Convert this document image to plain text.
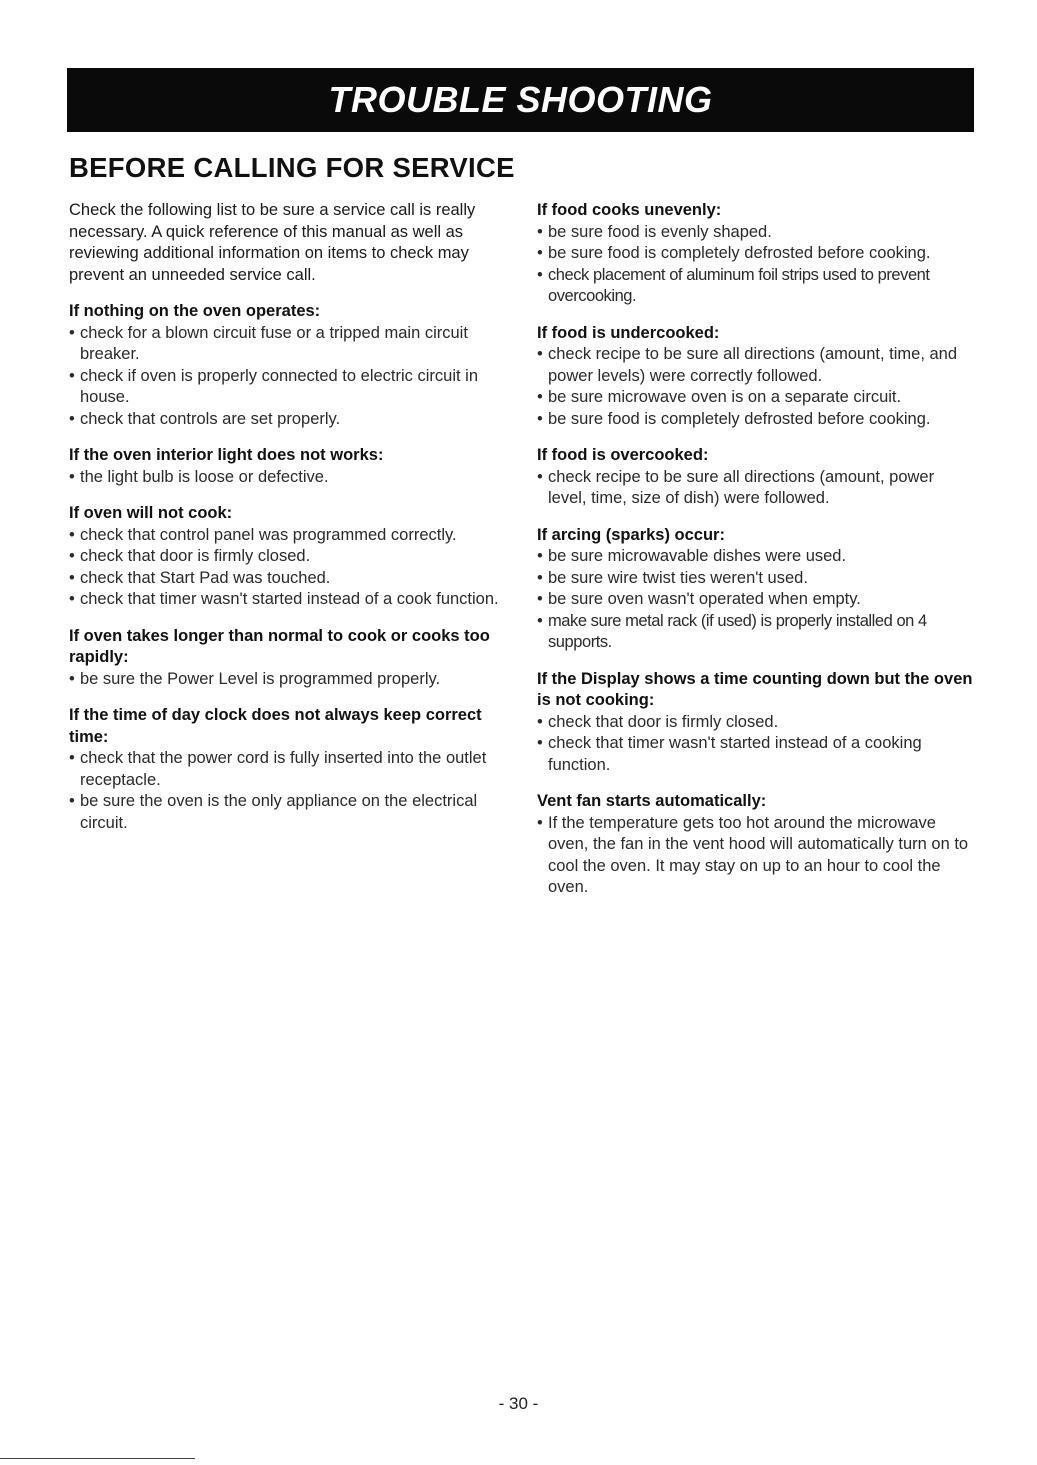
TROUBLE SHOOTING
BEFORE CALLING FOR SERVICE

Check the following list to be sure a service call is really necessary. A quick reference of this manual as well as reviewing additional information on items to check may prevent an unneeded service call.

If nothing on the oven operates:

• check for a blown circuit fuse or a tripped main circuit breaker.

• check if oven is properly connected to electric circuit in house.

• check that controls are set properly.

If the oven interior light does not works:

• the light bulb is loose or defective.

If oven will not cook:

• check that control panel was programmed correctly.

• check that door is firmly closed.

• check that Start Pad was touched.

• check that timer wasn't started instead of a cook function.

If oven takes longer than normal to cook or cooks too rapidly:

• be sure the Power Level is programmed properly.

If the time of day clock does not always keep correct time:

• check that the power cord is fully inserted into the outlet receptacle.

• be sure the oven is the only appliance on the electrical circuit.

If food cooks unevenly:

• be sure food is evenly shaped.

• be sure food is completely defrosted before cooking.

• check placement of aluminum foil strips used to prevent overcooking.

If food is undercooked:

• check recipe to be sure all directions (amount, time, and power levels) were correctly followed.

• be sure microwave oven is on a separate circuit.

• be sure food is completely defrosted before cooking.

If food is overcooked:

• check recipe to be sure all directions (amount, power level, time, size of dish) were followed.

If arcing (sparks) occur:

• be sure microwavable dishes were used.

• be sure wire twist ties weren't used.

• be sure oven wasn't operated when empty.

• make sure metal rack (if used) is properly installed on 4 supports.

If the Display shows a time counting down but the oven is not cooking:

• check that door is firmly closed.

• check that timer wasn't started instead of a cooking function.

Vent fan starts automatically:

• If the temperature gets too hot around the microwave oven, the fan in the vent hood will automatically turn on to cool the oven. It may stay on up to an hour to cool the oven.

- 30 -
